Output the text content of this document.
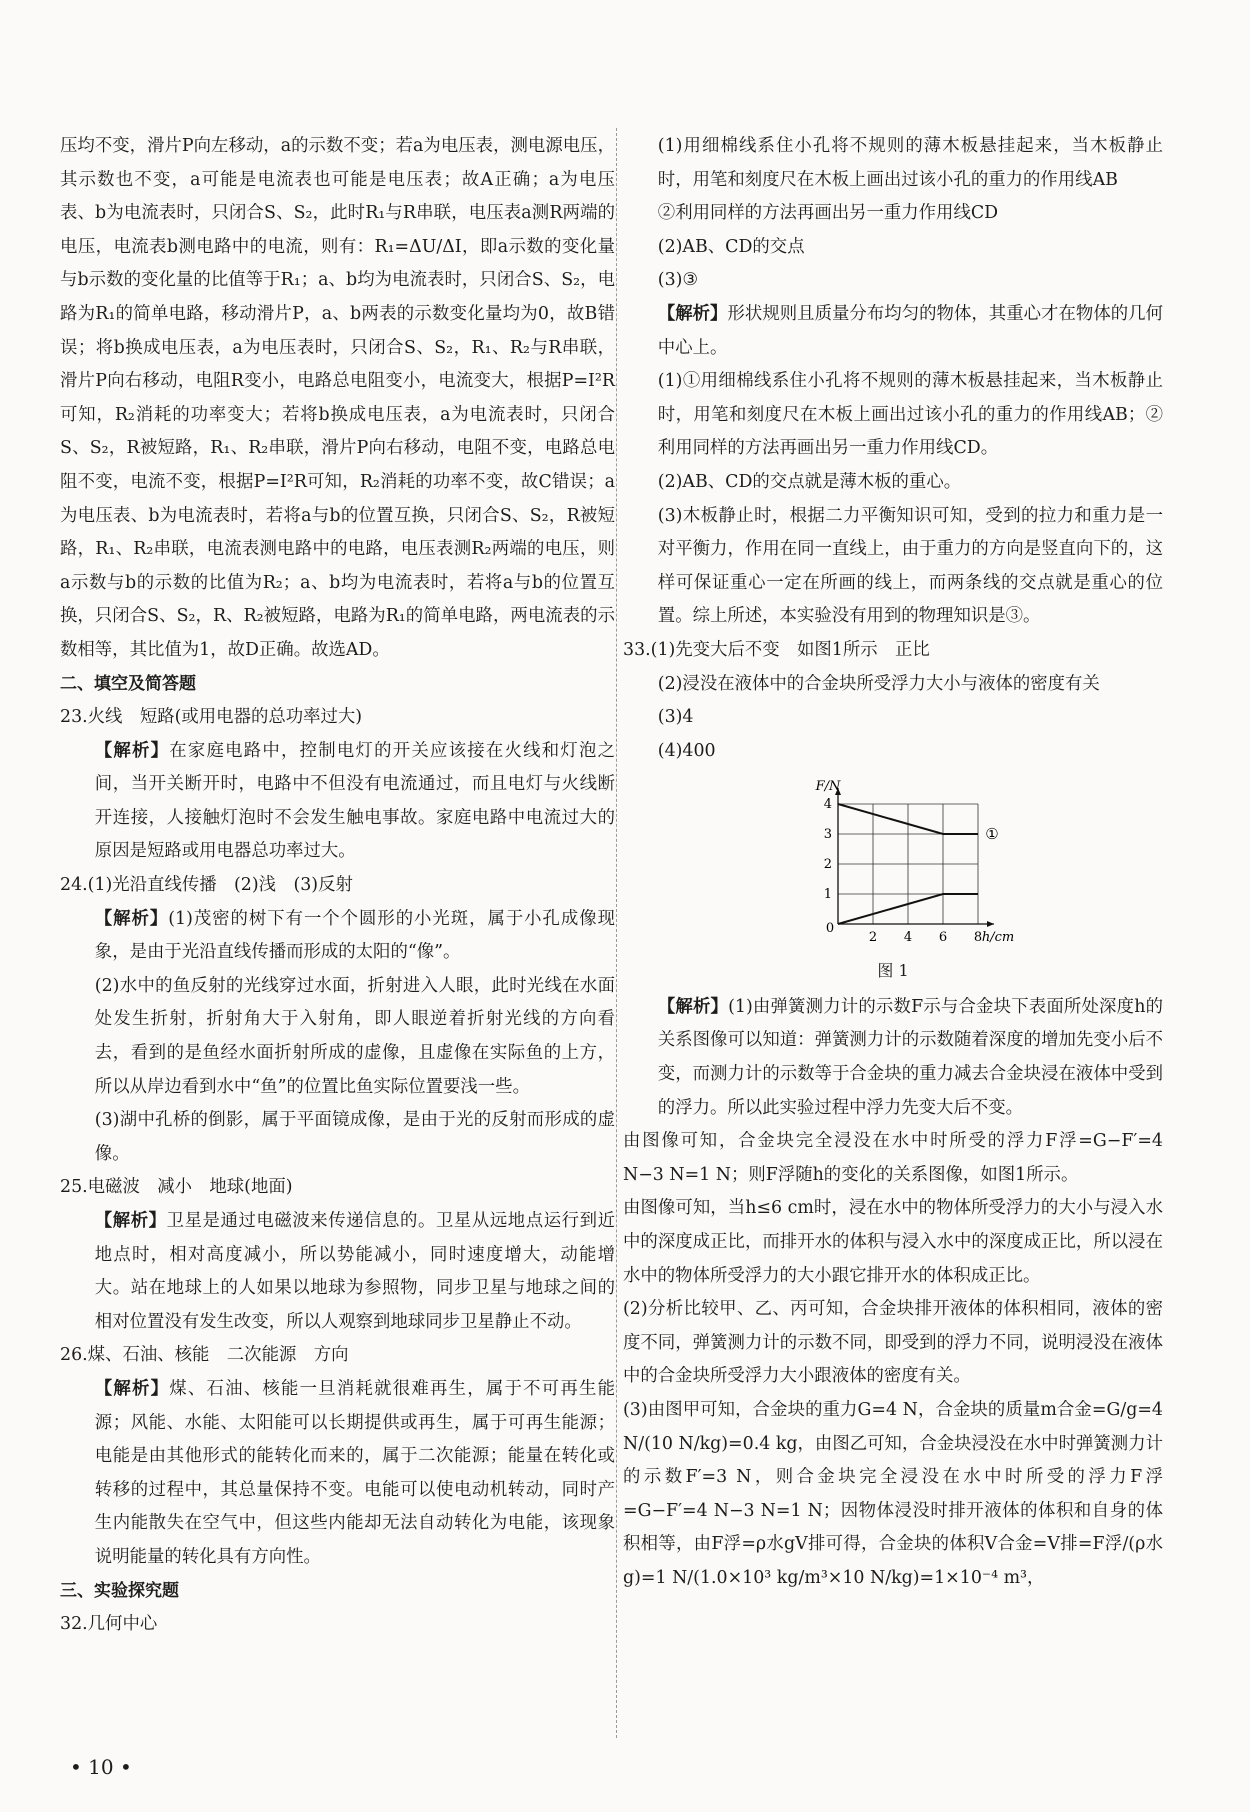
压均不变，滑片P向左移动，a的示数不变；若a为电压表，测电源电压，其示数也不变，a可能是电流表也可能是电压表；故A正确；a为电压表、b为电流表时，只闭合S、S₂，此时R₁与R串联，电压表a测R两端的电压，电流表b测电路中的电流，则有：R₁=ΔU/ΔI，即a示数的变化量与b示数的变化量的比值等于R₁；a、b均为电流表时，只闭合S、S₂，电路为R₁的简单电路，移动滑片P，a、b两表的示数变化量均为0，故B错误；将b换成电压表，a为电压表时，只闭合S、S₂，R₁、R₂与R串联，滑片P向右移动，电阻R变小，电路总电阻变小，电流变大，根据P=I²R可知，R₂消耗的功率变大；若将b换成电压表，a为电流表时，只闭合S、S₂，R被短路，R₁、R₂串联，滑片P向右移动，电阻不变，电路总电阻不变，电流不变，根据P=I²R可知，R₂消耗的功率不变，故C错误；a为电压表、b为电流表时，若将a与b的位置互换，只闭合S、S₂，R被短路，R₁、R₂串联，电流表测电路中的电路，电压表测R₂两端的电压，则a示数与b的示数的比值为R₂；a、b均为电流表时，若将a与b的位置互换，只闭合S、S₂，R、R₂被短路，电路为R₁的简单电路，两电流表的示数相等，其比值为1，故D正确。故选AD。

二、填空及简答题

23.火线　短路(或用电器的总功率过大)

【解析】在家庭电路中，控制电灯的开关应该接在火线和灯泡之间，当开关断开时，电路中不但没有电流通过，而且电灯与火线断开连接，人接触灯泡时不会发生触电事故。家庭电路中电流过大的原因是短路或用电器总功率过大。

24.(1)光沿直线传播　(2)浅　(3)反射

【解析】(1)茂密的树下有一个个圆形的小光斑，属于小孔成像现象，是由于光沿直线传播而形成的太阳的“像”。

(2)水中的鱼反射的光线穿过水面，折射进入人眼，此时光线在水面处发生折射，折射角大于入射角，即人眼逆着折射光线的方向看去，看到的是鱼经水面折射所成的虚像，且虚像在实际鱼的上方，所以从岸边看到水中“鱼”的位置比鱼实际位置要浅一些。

(3)湖中孔桥的倒影，属于平面镜成像，是由于光的反射而形成的虚像。

25.电磁波　减小　地球(地面)

【解析】卫星是通过电磁波来传递信息的。卫星从远地点运行到近地点时，相对高度减小，所以势能减小，同时速度增大，动能增大。站在地球上的人如果以地球为参照物，同步卫星与地球之间的相对位置没有发生改变，所以人观察到地球同步卫星静止不动。

26.煤、石油、核能　二次能源　方向

【解析】煤、石油、核能一旦消耗就很难再生，属于不可再生能源；风能、水能、太阳能可以长期提供或再生，属于可再生能源；电能是由其他形式的能转化而来的，属于二次能源；能量在转化或转移的过程中，其总量保持不变。电能可以使电动机转动，同时产生内能散失在空气中，但这些内能却无法自动转化为电能，该现象说明能量的转化具有方向性。

三、实验探究题

32.几何中心

(1)用细棉线系住小孔将不规则的薄木板悬挂起来，当木板静止时，用笔和刻度尺在木板上画出过该小孔的重力的作用线AB

②利用同样的方法再画出另一重力作用线CD

(2)AB、CD的交点

(3)③

【解析】形状规则且质量分布均匀的物体，其重心才在物体的几何中心上。

(1)①用细棉线系住小孔将不规则的薄木板悬挂起来，当木板静止时，用笔和刻度尺在木板上画出过该小孔的重力的作用线AB；②利用同样的方法再画出另一重力作用线CD。

(2)AB、CD的交点就是薄木板的重心。

(3)木板静止时，根据二力平衡知识可知，受到的拉力和重力是一对平衡力，作用在同一直线上，由于重力的方向是竖直向下的，这样可保证重心一定在所画的线上，而两条线的交点就是重心的位置。综上所述，本实验没有用到的物理知识是③。

33.(1)先变大后不变　如图1所示　正比

(2)浸没在液体中的合金块所受浮力大小与液体的密度有关

(3)4

(4)400

0
2 4 6 8
1
2
3
4
h/cm
F/N
①
图 1

【解析】(1)由弹簧测力计的示数F示与合金块下表面所处深度h的关系图像可以知道：弹簧测力计的示数随着深度的增加先变小后不变，而测力计的示数等于合金块的重力减去合金块浸在液体中受到的浮力。所以此实验过程中浮力先变大后不变。

由图像可知，合金块完全浸没在水中时所受的浮力F浮=G−F′=4 N−3 N=1 N；则F浮随h的变化的关系图像，如图1所示。

由图像可知，当h≤6 cm时，浸在水中的物体所受浮力的大小与浸入水中的深度成正比，而排开水的体积与浸入水中的深度成正比，所以浸在水中的物体所受浮力的大小跟它排开水的体积成正比。

(2)分析比较甲、乙、丙可知，合金块排开液体的体积相同，液体的密度不同，弹簧测力计的示数不同，即受到的浮力不同，说明浸没在液体中的合金块所受浮力大小跟液体的密度有关。

(3)由图甲可知，合金块的重力G=4 N，合金块的质量m合金=G/g=4 N/(10 N/kg)=0.4 kg，由图乙可知，合金块浸没在水中时弹簧测力计的示数F′=3 N，则合金块完全浸没在水中时所受的浮力F浮=G−F′=4 N−3 N=1 N；因物体浸没时排开液体的体积和自身的体积相等，由F浮=ρ水gV排可得，合金块的体积V合金=V排=F浮/(ρ水g)=1 N/(1.0×10³ kg/m³×10 N/kg)=1×10⁻⁴ m³，

• 10 •
